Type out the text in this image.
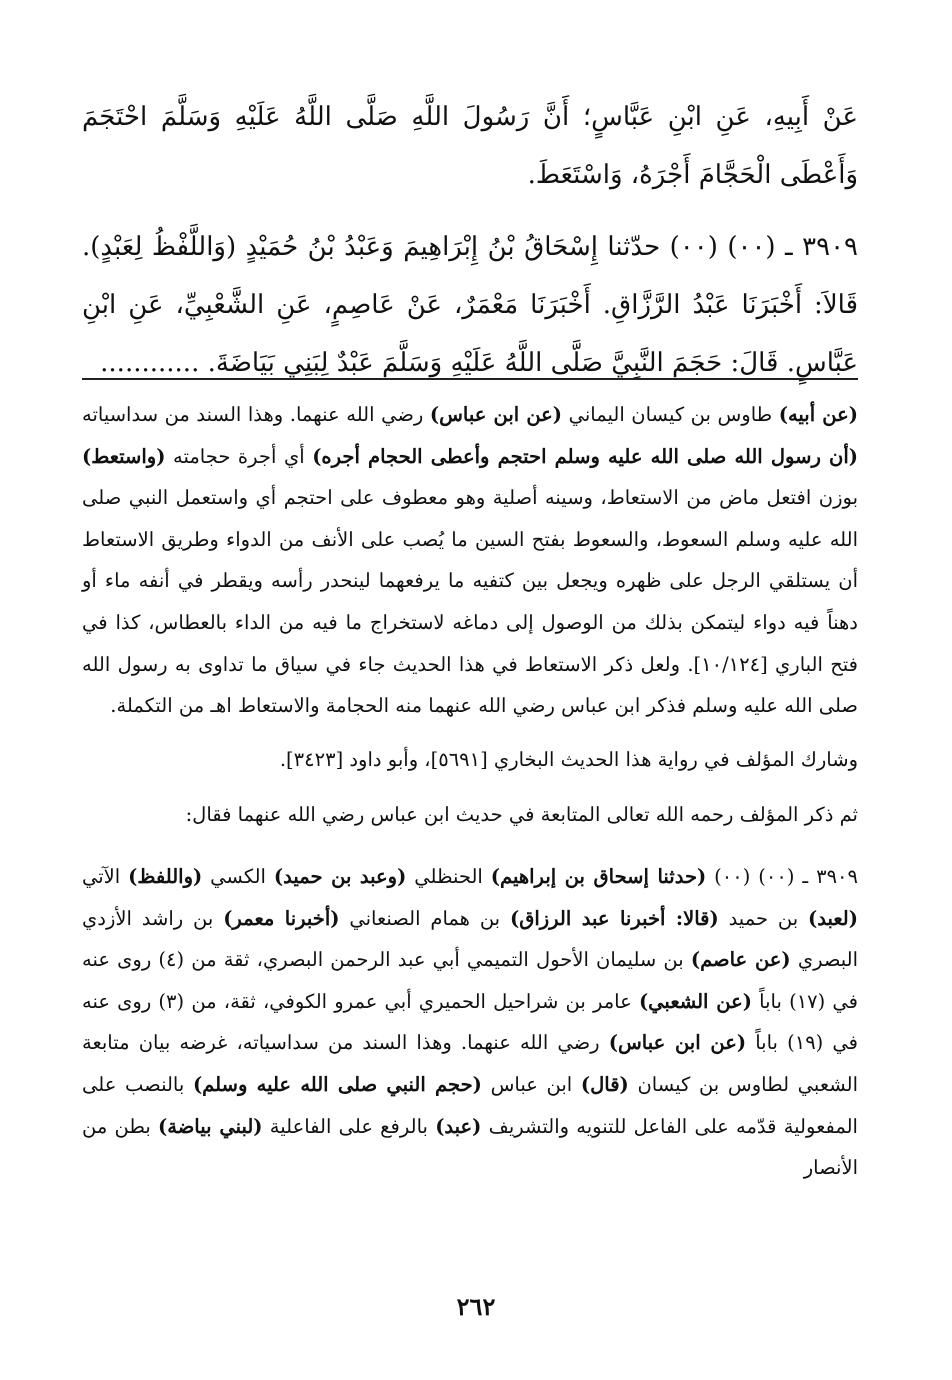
عَنْ أَبِيهِ، عَنِ ابْنِ عَبَّاسٍ؛ أَنَّ رَسُولَ اللَّهِ صَلَّى اللَّهُ عَلَيْهِ وَسَلَّمَ احْتَجَمَ وَأَعْطَى الْحَجَّامَ أَجْرَهُ، وَاسْتَعَطَ.

٣٩٠٩ ـ (٠٠) (٠٠) حدّثنا إِسْحَاقُ بْنُ إِبْرَاهِيمَ وَعَبْدُ بْنُ حُمَيْدٍ (وَاللَّفْظُ لِعَبْدٍ). قَالاَ: أَخْبَرَنَا عَبْدُ الرَّزَّاقِ. أَخْبَرَنَا مَعْمَرٌ، عَنْ عَاصِمٍ، عَنِ الشَّعْبِيِّ، عَنِ ابْنِ عَبَّاسٍ. قَالَ: حَجَمَ النَّبِيَّ صَلَّى اللَّهُ عَلَيْهِ وَسَلَّمَ عَبْدٌ لِبَنِي بَيَاضَةَ. ............

(عن أبيه) طاوس بن كيسان اليماني (عن ابن عباس) رضي الله عنهما. وهذا السند من سداسياته (أن رسول الله صلى الله عليه وسلم احتجم وأعطى الحجام أجره) أي أجرة حجامته (واستعط) بوزن افتعل ماض من الاستعاط، وسينه أصلية وهو معطوف على احتجم أي واستعمل النبي صلى الله عليه وسلم السعوط، والسعوط بفتح السين ما يُصب على الأنف من الدواء وطريق الاستعاط أن يستلقي الرجل على ظهره ويجعل بين كتفيه ما يرفعهما لينحدر رأسه ويقطر في أنفه ماء أو دهناً فيه دواء ليتمكن بذلك من الوصول إلى دماغه لاستخراج ما فيه من الداء بالعطاس، كذا في فتح الباري [١٠/١٢٤]. ولعل ذكر الاستعاط في هذا الحديث جاء في سياق ما تداوى به رسول الله صلى الله عليه وسلم فذكر ابن عباس رضي الله عنهما منه الحجامة والاستعاط اهـ من التكملة.

وشارك المؤلف في رواية هذا الحديث البخاري [٥٦٩١]، وأبو داود [٣٤٢٣].

ثم ذكر المؤلف رحمه الله تعالى المتابعة في حديث ابن عباس رضي الله عنهما فقال:

٣٩٠٩ ـ (٠٠) (٠٠) (حدثنا إسحاق بن إبراهيم) الحنظلي (وعبد بن حميد) الكسي (واللفظ) الآتي (لعبد) بن حميد (قالا: أخبرنا عبد الرزاق) بن همام الصنعاني (أخبرنا معمر) بن راشد الأزدي البصري (عن عاصم) بن سليمان الأحول التميمي أبي عبد الرحمن البصري، ثقة من (٤) روى عنه في (١٧) باباً (عن الشعبي) عامر بن شراحيل الحميري أبي عمرو الكوفي، ثقة، من (٣) روى عنه في (١٩) باباً (عن ابن عباس) رضي الله عنهما. وهذا السند من سداسياته، غرضه بيان متابعة الشعبي لطاوس بن كيسان (قال) ابن عباس (حجم النبي صلى الله عليه وسلم) بالنصب على المفعولية قدّمه على الفاعل للتنويه والتشريف (عبد) بالرفع على الفاعلية (لبني بياضة) بطن من الأنصار

٢٦٢
